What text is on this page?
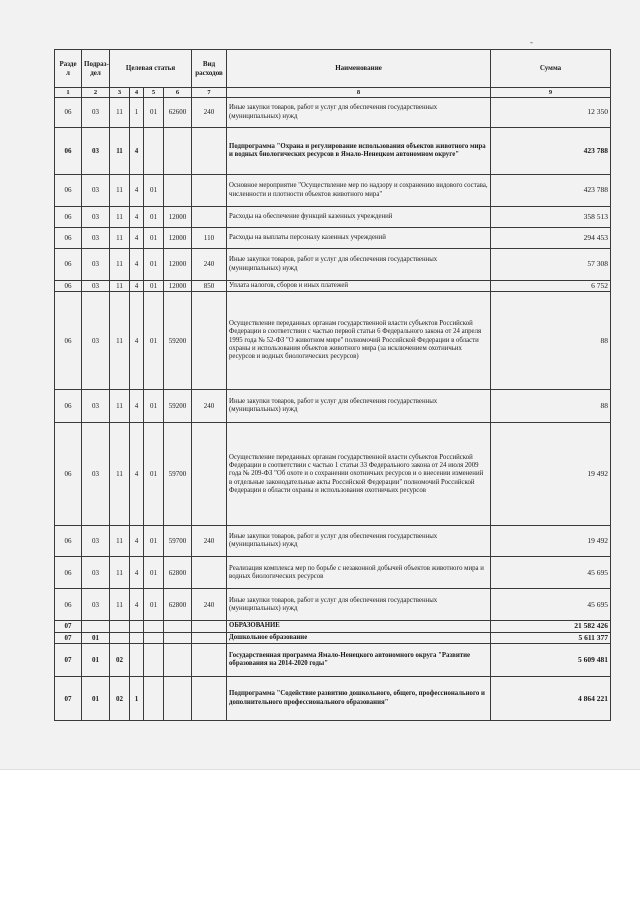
-
Разде л	Подраз- дел	Целевая статья				Вид расходов	Наименование	Сумма
1	2	3	4	5	6	7	8	9
06	03	11	1	01	62600	240	Иные закупки товаров, работ и услуг для обеспечения государственных (муниципальных) нужд	12 350
06	03	11	4				Подпрограмма "Охрана и регулирование использования объектов животного мира и водных биологических ресурсов в Ямало-Ненецком автономном округе"	423 788
06	03	11	4	01			Основное мероприятие "Осуществление мер по надзору и сохранению видового состава, численности и плотности объектов животного мира"	423 788
06	03	11	4	01	12000		Расходы на обеспечение функций казенных учреждений	358 513
06	03	11	4	01	12000	110	Расходы на выплаты персоналу казенных учреждений	294 453
06	03	11	4	01	12000	240	Иные закупки товаров, работ и услуг для обеспечения государственных (муниципальных) нужд	57 308
06	03	11	4	01	12000	850	Уплата налогов, сборов и иных платежей	6 752
06	03	11	4	01	59200		Осуществление переданных органам государственной власти субъектов Российской Федерации в соответствии с частью первой статьи 6 Федерального закона от 24 апреля 1995 года № 52-ФЗ "О животном мире" полномочий Российской Федерации в области охраны и использования объектов животного мира (за исключением охотничьих ресурсов и водных биологических ресурсов)	88
06	03	11	4	01	59200	240	Иные закупки товаров, работ и услуг для обеспечения государственных (муниципальных) нужд	88
06	03	11	4	01	59700		Осуществление переданных органам государственной власти субъектов Российской Федерации в соответствии с частью 1 статьи 33 Федерального закона от 24 июля 2009 года № 209-ФЗ "Об охоте и о сохранении охотничьих ресурсов и о внесении изменений в отдельные законодательные акты Российской Федерации" полномочий Российской Федерации в области охраны и использования охотничьих ресурсов	19 492
06	03	11	4	01	59700	240	Иные закупки товаров, работ и услуг для обеспечения государственных (муниципальных) нужд	19 492
06	03	11	4	01	62800		Реализация комплекса мер по борьбе с незаконной добычей объектов животного мира и водных биологических ресурсов	45 695
06	03	11	4	01	62800	240	Иные закупки товаров, работ и услуг для обеспечения государственных (муниципальных) нужд	45 695
07							ОБРАЗОВАНИЕ	21 582 426
07	01						Дошкольное образование	5 611 377
07	01	02					Государственная программа Ямало-Ненецкого автономного округа "Развитие образования на 2014-2020 годы"	5 609 481
07	01	02	1				Подпрограмма "Содействие развитию дошкольного, общего, профессионального и дополнительного профессионального образования"	4 864 221
